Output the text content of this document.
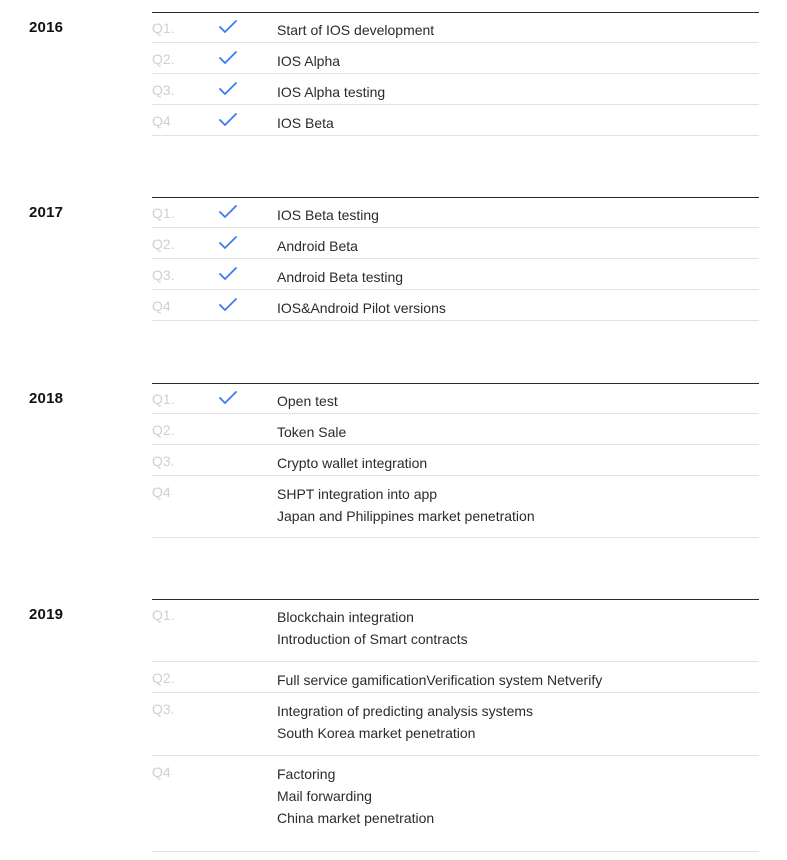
2016	Q1.	Start of IOS development
Q2.	IOS Alpha
Q3.	IOS Alpha testing
Q4	IOS Beta
2017	Q1.	IOS Beta testing
Q2.	Android Beta
Q3.	Android Beta testing
Q4	IOS&Android Pilot versions
2018	Q1.	Open test
Q2.	Token Sale
Q3.	Crypto wallet integration
Q4	SHPT integration into app
Japan and Philippines market penetration
2019	Q1.	Blockchain integration
Introduction of Smart contracts
Q2.	Full service gamificationVerification system Netverify
Q3.	Integration of predicting analysis systems
South Korea market penetration
Q4	Factoring
Mail forwarding
China market penetration
